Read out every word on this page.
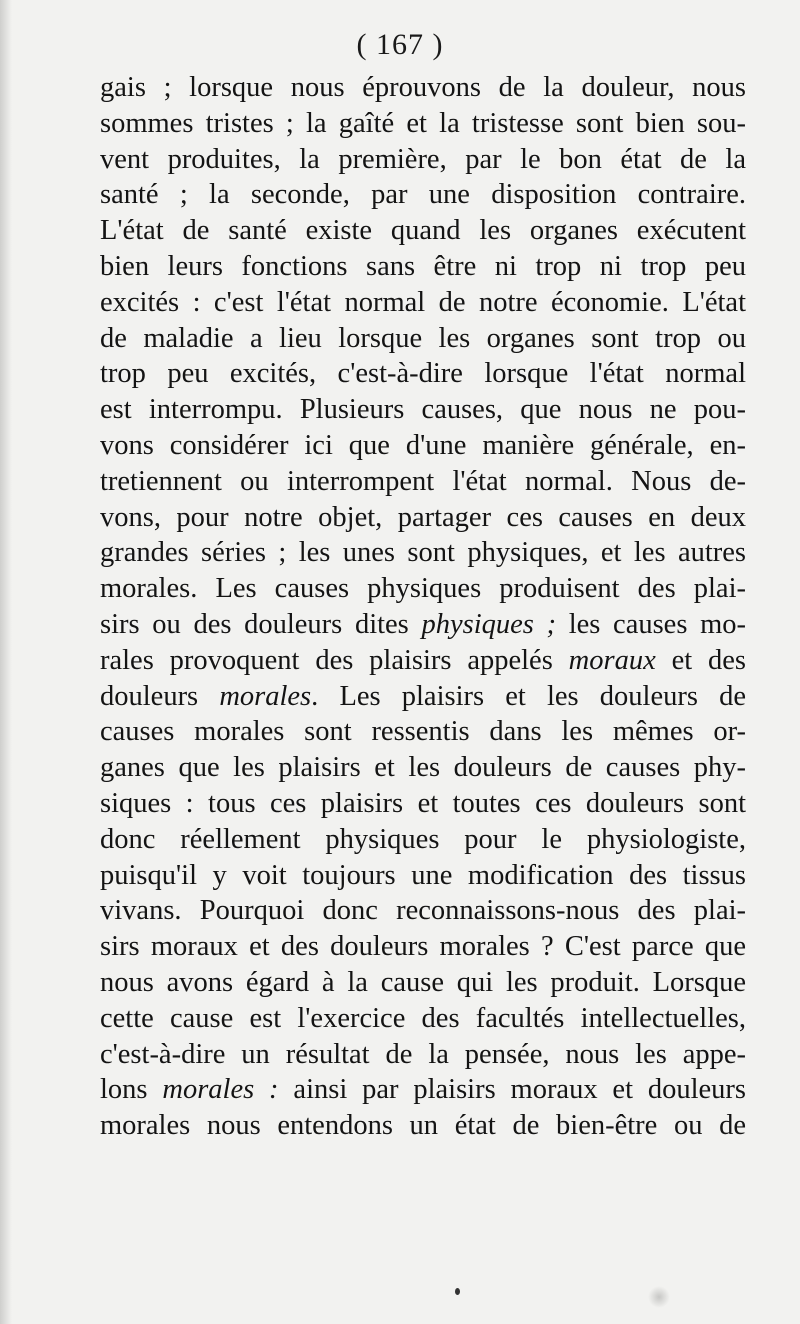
( 167 )
gais ; lorsque nous éprouvons de la douleur, nous
sommes tristes ; la gaîté et la tristesse sont bien sou-
vent produites, la première, par le bon état de la
santé ; la seconde, par une disposition contraire.
L'état de santé existe quand les organes exécutent
bien leurs fonctions sans être ni trop ni trop peu
excités : c'est l'état normal de notre économie. L'état
de maladie a lieu lorsque les organes sont trop ou
trop peu excités, c'est-à-dire lorsque l'état normal
est interrompu. Plusieurs causes, que nous ne pou-
vons considérer ici que d'une manière générale, en-
tretiennent ou interrompent l'état normal. Nous de-
vons, pour notre objet, partager ces causes en deux
grandes séries ; les unes sont physiques, et les autres
morales. Les causes physiques produisent des plai-
sirs ou des douleurs dites physiques ; les causes mo-
rales provoquent des plaisirs appelés moraux et des
douleurs morales. Les plaisirs et les douleurs de
causes morales sont ressentis dans les mêmes or-
ganes que les plaisirs et les douleurs de causes phy-
siques : tous ces plaisirs et toutes ces douleurs sont
donc réellement physiques pour le physiologiste,
puisqu'il y voit toujours une modification des tissus
vivans. Pourquoi donc reconnaissons-nous des plai-
sirs moraux et des douleurs morales ? C'est parce que
nous avons égard à la cause qui les produit. Lorsque
cette cause est l'exercice des facultés intellectuelles,
c'est-à-dire un résultat de la pensée, nous les appe-
lons morales : ainsi par plaisirs moraux et douleurs
morales nous entendons un état de bien-être ou de
